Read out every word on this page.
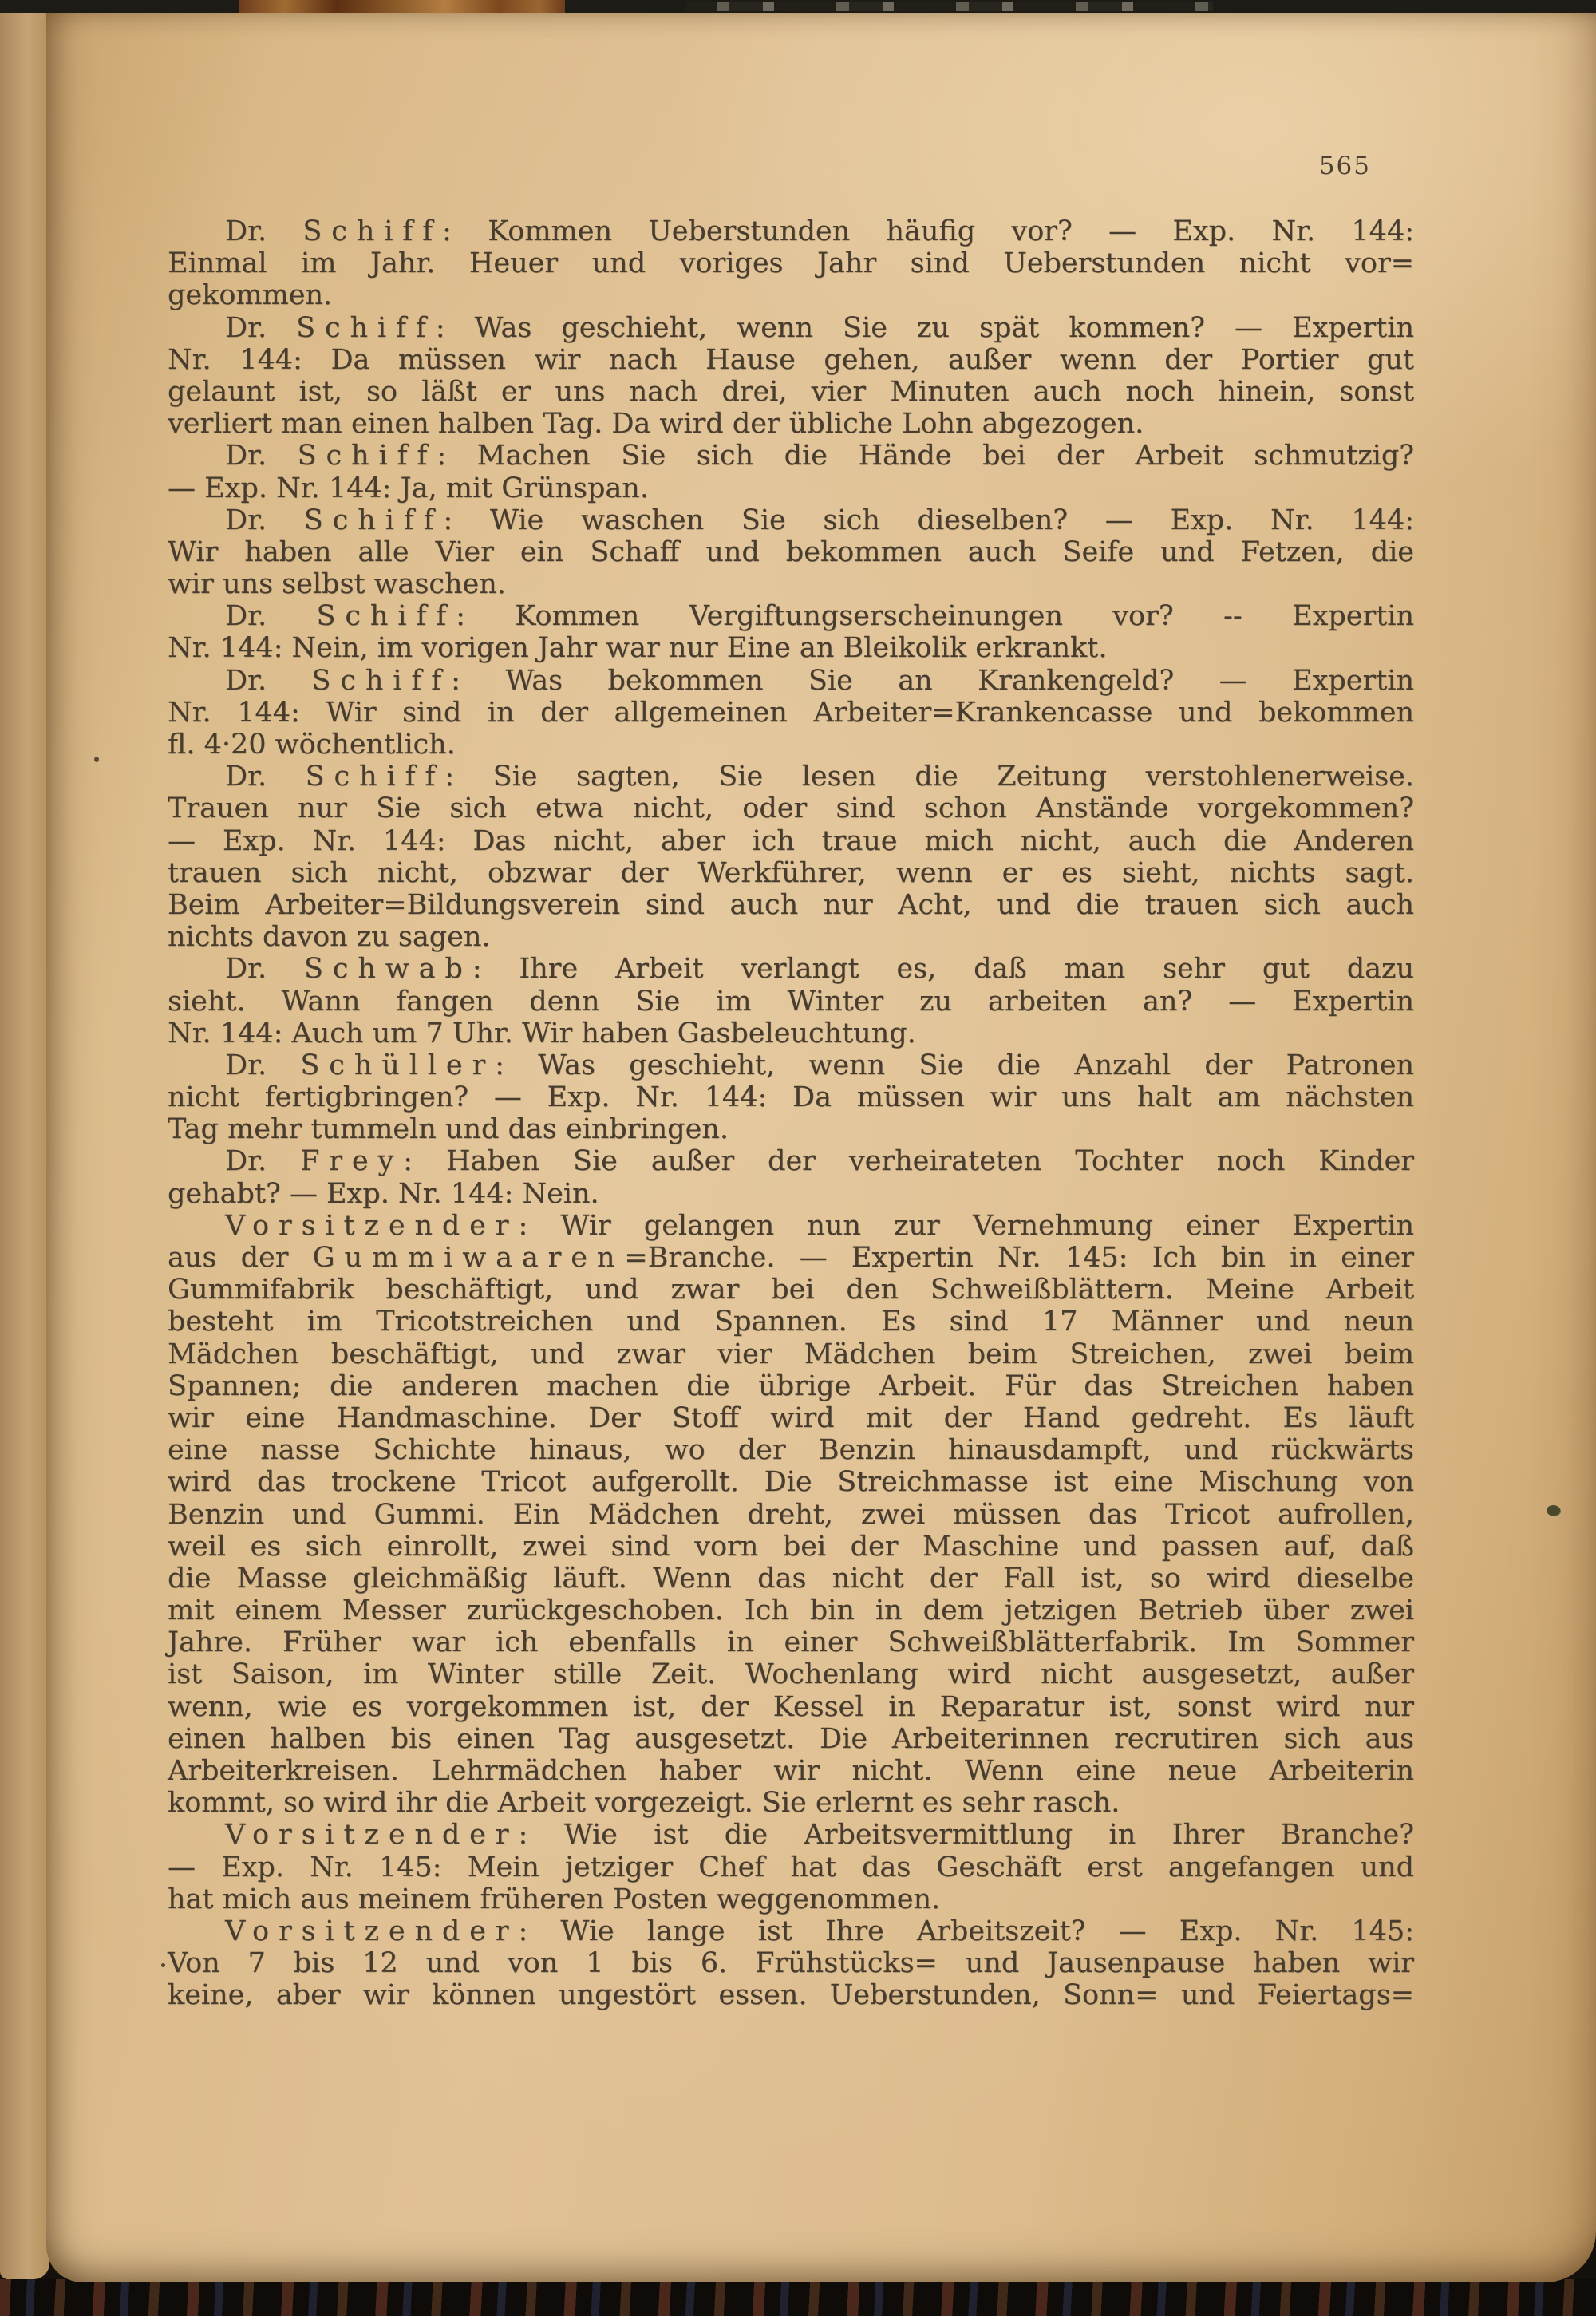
565
Dr. Schiff: Kommen Ueberstunden häufig vor? — Exp. Nr. 144:
Einmal im Jahr. Heuer und voriges Jahr sind Ueberstunden nicht vor=
gekommen.
Dr. Schiff: Was geschieht, wenn Sie zu spät kommen? — Expertin
Nr. 144: Da müssen wir nach Hause gehen, außer wenn der Portier gut
gelaunt ist, so läßt er uns nach drei, vier Minuten auch noch hinein, sonst
verliert man einen halben Tag. Da wird der übliche Lohn abgezogen.
Dr. Schiff: Machen Sie sich die Hände bei der Arbeit schmutzig?
— Exp. Nr. 144: Ja, mit Grünspan.
Dr. Schiff: Wie waschen Sie sich dieselben? — Exp. Nr. 144:
Wir haben alle Vier ein Schaff und bekommen auch Seife und Fetzen, die
wir uns selbst waschen.
Dr. Schiff: Kommen Vergiftungserscheinungen vor? -- Expertin
Nr. 144: Nein, im vorigen Jahr war nur Eine an Bleikolik erkrankt.
Dr. Schiff: Was bekommen Sie an Krankengeld? — Expertin
Nr. 144: Wir sind in der allgemeinen Arbeiter=Krankencasse und bekommen
fl. 4·20 wöchentlich.
Dr. Schiff: Sie sagten, Sie lesen die Zeitung verstohlenerweise.
Trauen nur Sie sich etwa nicht, oder sind schon Anstände vorgekommen?
— Exp. Nr. 144: Das nicht, aber ich traue mich nicht, auch die Anderen
trauen sich nicht, obzwar der Werkführer, wenn er es sieht, nichts sagt.
Beim Arbeiter=Bildungsverein sind auch nur Acht, und die trauen sich auch
nichts davon zu sagen.
Dr. Schwab: Ihre Arbeit verlangt es, daß man sehr gut dazu
sieht. Wann fangen denn Sie im Winter zu arbeiten an? — Expertin
Nr. 144: Auch um 7 Uhr. Wir haben Gasbeleuchtung.
Dr. Schüller: Was geschieht, wenn Sie die Anzahl der Patronen
nicht fertigbringen? — Exp. Nr. 144: Da müssen wir uns halt am nächsten
Tag mehr tummeln und das einbringen.
Dr. Frey: Haben Sie außer der verheirateten Tochter noch Kinder
gehabt? — Exp. Nr. 144: Nein.
Vorsitzender: Wir gelangen nun zur Vernehmung einer Expertin
aus der Gummiwaaren=Branche. — Expertin Nr. 145: Ich bin in einer
Gummifabrik beschäftigt, und zwar bei den Schweißblättern. Meine Arbeit
besteht im Tricotstreichen und Spannen. Es sind 17 Männer und neun
Mädchen beschäftigt, und zwar vier Mädchen beim Streichen, zwei beim
Spannen; die anderen machen die übrige Arbeit. Für das Streichen haben
wir eine Handmaschine. Der Stoff wird mit der Hand gedreht. Es läuft
eine nasse Schichte hinaus, wo der Benzin hinausdampft, und rückwärts
wird das trockene Tricot aufgerollt. Die Streichmasse ist eine Mischung von
Benzin und Gummi. Ein Mädchen dreht, zwei müssen das Tricot aufrollen,
weil es sich einrollt, zwei sind vorn bei der Maschine und passen auf, daß
die Masse gleichmäßig läuft. Wenn das nicht der Fall ist, so wird dieselbe
mit einem Messer zurückgeschoben. Ich bin in dem jetzigen Betrieb über zwei
Jahre. Früher war ich ebenfalls in einer Schweißblätterfabrik. Im Sommer
ist Saison, im Winter stille Zeit. Wochenlang wird nicht ausgesetzt, außer
wenn, wie es vorgekommen ist, der Kessel in Reparatur ist, sonst wird nur
einen halben bis einen Tag ausgesetzt. Die Arbeiterinnen recrutiren sich aus
Arbeiterkreisen. Lehrmädchen haber wir nicht. Wenn eine neue Arbeiterin
kommt, so wird ihr die Arbeit vorgezeigt. Sie erlernt es sehr rasch.
Vorsitzender: Wie ist die Arbeitsvermittlung in Ihrer Branche?
— Exp. Nr. 145: Mein jetziger Chef hat das Geschäft erst angefangen und
hat mich aus meinem früheren Posten weggenommen.
Vorsitzender: Wie lange ist Ihre Arbeitszeit? — Exp. Nr. 145:
Von 7 bis 12 und von 1 bis 6. Frühstücks= und Jausenpause haben wir
keine, aber wir können ungestört essen. Ueberstunden, Sonn= und Feiertags=
